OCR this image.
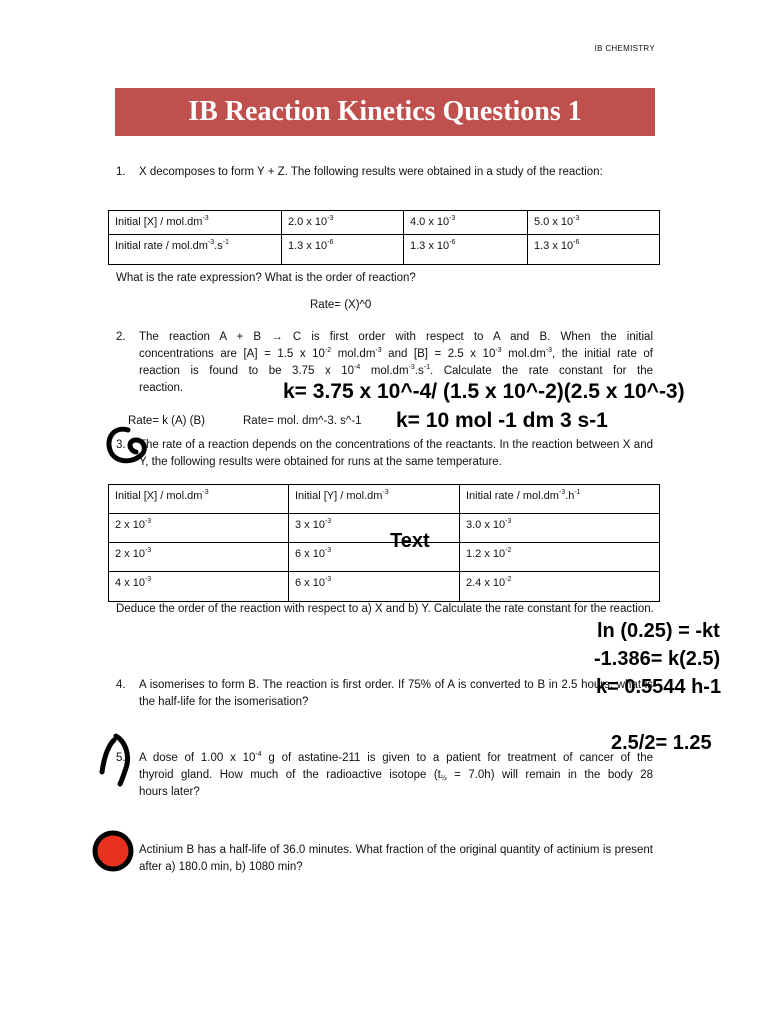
IB CHEMISTRY
IB Reaction Kinetics Questions 1
1. X decomposes to form Y + Z. The following results were obtained in a study of the reaction:
Initial $[X] / mol.dm^{-3}$	2.0 x $10^{-3}$	4.0 x $10^{-3}$	5.0 x $10^{-3}$
Initial rate / $mol.dm^{-3}.s^{-1}$	1.3 x $10^{-6}$	1.3 x $10^{-6}$	1.3 x $10^{-6}$
What is the rate expression? What is the order of reaction?
Rate= (X)^0
2. The reaction A + B → C is first order with respect to A and B. When the initial
concentrations are [A] = 1.5 x $10^{-2}$ $mol.dm^{-3}$ and [B] = 2.5 x $10^{-3}$ $mol.dm^{-3}$, the initial rate of
reaction is found to be 3.75 x $10^{-4}$ $mol.dm^{-3}.s^{-1}$. Calculate the rate constant for the
reaction.	k= 3.75 x 10^-4/ (1.5 x 10^-2)(2.5 x 10^-3)
Rate= k (A) (B)	Rate= mol. dm^-3. s^-1 k= 10 mol -1 dm 3 s-1
3. The rate of a reaction depends on the concentrations of the reactants. In the reaction between X and Y, the following results were obtained for runs at the same temperature.
Initial $[X] / mol.dm^{-3}$	Initial $[Y] / mol.dm^{-3}$	Initial rate / $mol.dm^{-3}.h^{-1}$
2 x $10^{-3}$	3 x $10^{-3}$	3.0 x $10^{-3}$
2 x $10^{-3}$	6 x $10^{-3}$	1.2 x $10^{-2}$
4 x $10^{-3}$	6 x $10^{-3}$	2.4 x $10^{-2}$
Text
Deduce the order of the reaction with respect to a) X and b) Y. Calculate the rate constant for the reaction.
ln (0.25) = -kt
-1.386= k(2.5)
4. A isomerises to form B. The reaction is first order. If 75% of A is converted to B in 2.5 hours, what is the half-life for the isomerisation?
k= 0.5544 h-1
2.5/2= 1.25
5. A dose of 1.00 x $10^{-4}$ g of astatine-211 is given to a patient for treatment of cancer of the
thyroid gland. How much of the radioactive isotope $(t_{\frac{1}{2}} = 7.0h)$ will remain in the body 28
hours later?
Actinium B has a half-life of 36.0 minutes. What fraction of the original quantity of actinium is present after a) 180.0 min, b) 1080 min?
